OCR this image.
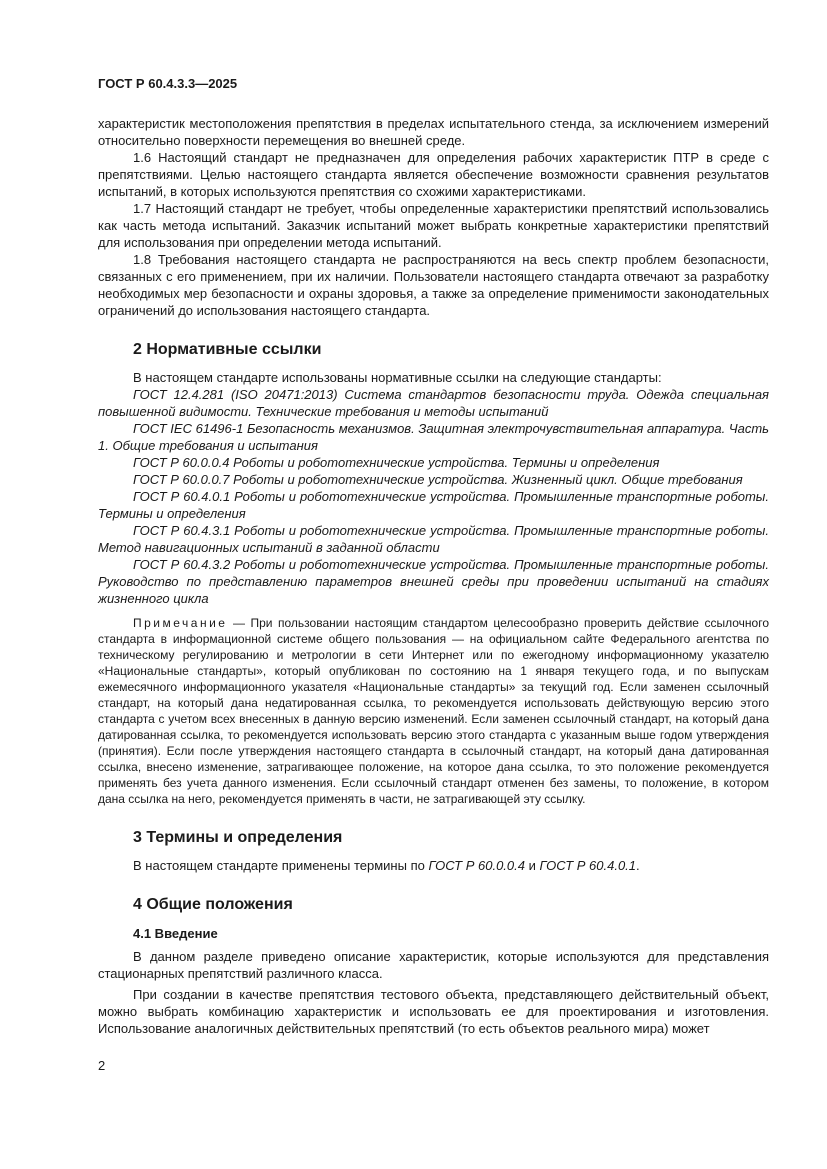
ГОСТ Р 60.4.3.3—2025

характеристик местоположения препятствия в пределах испытательного стенда, за исключением измерений относительно поверхности перемещения во внешней среде.

1.6 Настоящий стандарт не предназначен для определения рабочих характеристик ПТР в среде с препятствиями. Целью настоящего стандарта является обеспечение возможности сравнения результатов испытаний, в которых используются препятствия со схожими характеристиками.

1.7 Настоящий стандарт не требует, чтобы определенные характеристики препятствий использовались как часть метода испытаний. Заказчик испытаний может выбрать конкретные характеристики препятствий для использования при определении метода испытаний.

1.8 Требования настоящего стандарта не распространяются на весь спектр проблем безопасности, связанных с его применением, при их наличии. Пользователи настоящего стандарта отвечают за разработку необходимых мер безопасности и охраны здоровья, а также за определение применимости законодательных ограничений до использования настоящего стандарта.

2 Нормативные ссылки

В настоящем стандарте использованы нормативные ссылки на следующие стандарты:

ГОСТ 12.4.281 (ISO 20471:2013) Система стандартов безопасности труда. Одежда специальная повышенной видимости. Технические требования и методы испытаний

ГОСТ IEC 61496-1 Безопасность механизмов. Защитная электрочувствительная аппаратура. Часть 1. Общие требования и испытания

ГОСТ Р 60.0.0.4 Роботы и робототехнические устройства. Термины и определения

ГОСТ Р 60.0.0.7 Роботы и робототехнические устройства. Жизненный цикл. Общие требования

ГОСТ Р 60.4.0.1 Роботы и робототехнические устройства. Промышленные транспортные роботы. Термины и определения

ГОСТ Р 60.4.3.1 Роботы и робототехнические устройства. Промышленные транспортные роботы. Метод навигационных испытаний в заданной области

ГОСТ Р 60.4.3.2 Роботы и робототехнические устройства. Промышленные транспортные роботы. Руководство по представлению параметров внешней среды при проведении испытаний на стадиях жизненного цикла

Примечание — При пользовании настоящим стандартом целесообразно проверить действие ссылочного стандарта в информационной системе общего пользования — на официальном сайте Федерального агентства по техническому регулированию и метрологии в сети Интернет или по ежегодному информационному указателю «Национальные стандарты», который опубликован по состоянию на 1 января текущего года, и по выпускам ежемесячного информационного указателя «Национальные стандарты» за текущий год. Если заменен ссылочный стандарт, на который дана недатированная ссылка, то рекомендуется использовать действующую версию этого стандарта с учетом всех внесенных в данную версию изменений. Если заменен ссылочный стандарт, на который дана датированная ссылка, то рекомендуется использовать версию этого стандарта с указанным выше годом утверждения (принятия). Если после утверждения настоящего стандарта в ссылочный стандарт, на который дана датированная ссылка, внесено изменение, затрагивающее положение, на которое дана ссылка, то это положение рекомендуется применять без учета данного изменения. Если ссылочный стандарт отменен без замены, то положение, в котором дана ссылка на него, рекомендуется применять в части, не затрагивающей эту ссылку.

3 Термины и определения

В настоящем стандарте применены термины по ГОСТ Р 60.0.0.4 и ГОСТ Р 60.4.0.1.

4 Общие положения
4.1 Введение

В данном разделе приведено описание характеристик, которые используются для представления стационарных препятствий различного класса.

При создании в качестве препятствия тестового объекта, представляющего действительный объект, можно выбрать комбинацию характеристик и использовать ее для проектирования и изготовления. Использование аналогичных действительных препятствий (то есть объектов реального мира) может

2
